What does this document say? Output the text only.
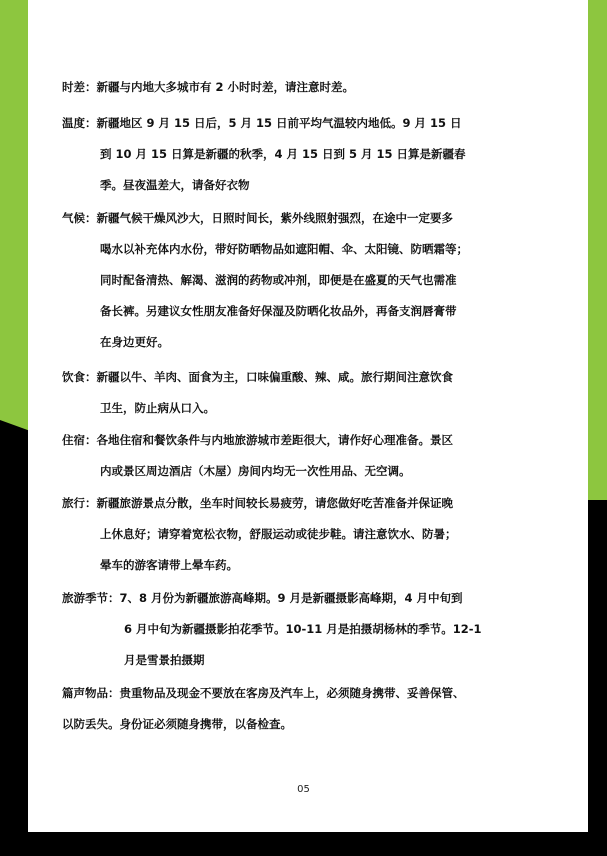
时差：新疆与内地大多城市有 2 小时时差，请注意时差。
温度：新疆地区 9 月 15 日后，5 月 15 日前平均气温较内地低。9 月 15 日
到 10 月 15 日算是新疆的秋季，4 月 15 日到 5 月 15 日算是新疆春
季。昼夜温差大，请备好衣物
气候：新疆气候干燥风沙大，日照时间长，紫外线照射强烈，在途中一定要多
喝水以补充体内水份，带好防晒物品如遮阳帽、伞、太阳镜、防晒霜等；
同时配备清热、解渴、滋润的药物或冲剂，即便是在盛夏的天气也需准
备长裤。另建议女性朋友准备好保湿及防晒化妆品外，再备支润唇膏带
在身边更好。
饮食：新疆以牛、羊肉、面食为主，口味偏重酸、辣、咸。旅行期间注意饮食
卫生，防止病从口入。
住宿：各地住宿和餐饮条件与内地旅游城市差距很大，请作好心理准备。景区
内或景区周边酒店（木屋）房间内均无一次性用品、无空调。
旅行：新疆旅游景点分散，坐车时间较长易疲劳，请您做好吃苦准备并保证晚
上休息好；请穿着宽松衣物，舒服运动或徒步鞋。请注意饮水、防暑；
晕车的游客请带上晕车药。
旅游季节：7、8 月份为新疆旅游高峰期。9 月是新疆摄影高峰期，4 月中旬到
6 月中旬为新疆摄影拍花季节。10-11 月是拍摄胡杨林的季节。12-1
月是雪景拍摄期
篇声物品：贵重物品及现金不要放在客房及汽车上，必须随身携带、妥善保管、
以防丢失。身份证必须随身携带，以备检查。
05
